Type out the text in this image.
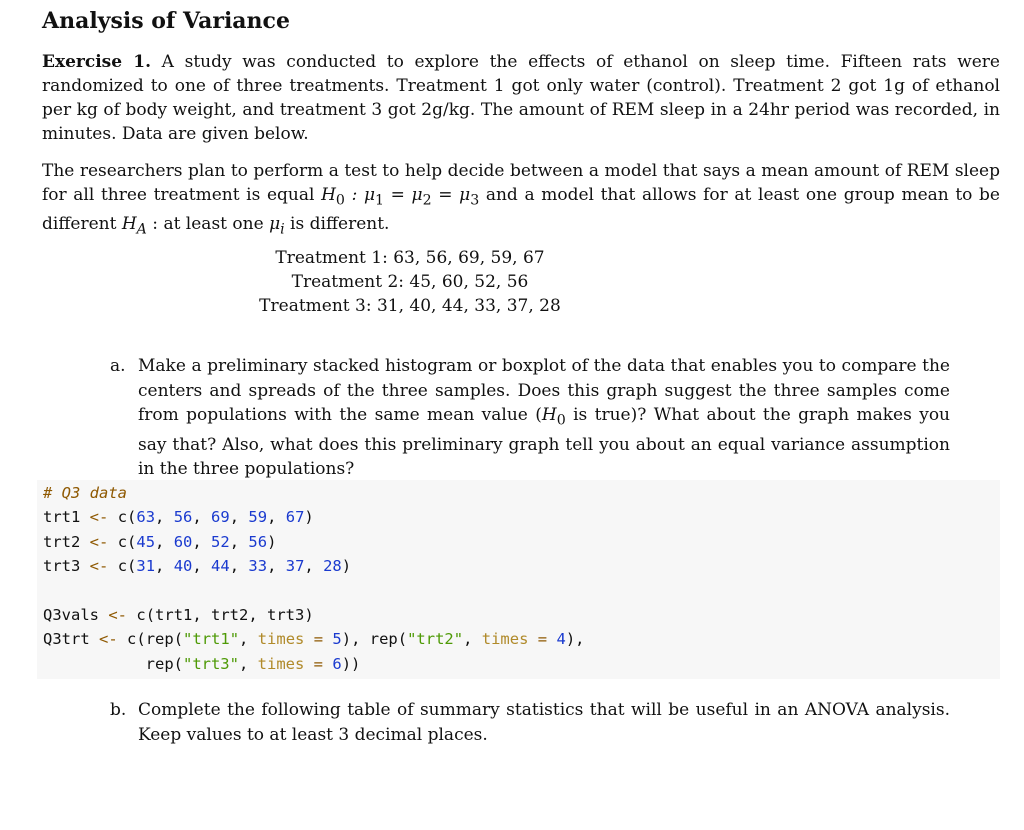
Analysis of Variance
Exercise 1. A study was conducted to explore the effects of ethanol on sleep time. Fifteen rats were randomized to one of three treatments. Treatment 1 got only water (control). Treatment 2 got 1g of ethanol per kg of body weight, and treatment 3 got 2g/kg. The amount of REM sleep in a 24hr period was recorded, in minutes. Data are given below.
The researchers plan to perform a test to help decide between a model that says a mean amount of REM sleep for all three treatment is equal $H_0$ : $\mu_1 = \mu_2 = \mu_3$ and a model that allows for at least one group mean to be different $H_A$ : at least one $\mu_i$ is different.
Treatment 1: 63, 56, 69, 59, 67
Treatment 2: 45, 60, 52, 56
Treatment 3: 31, 40, 44, 33, 37, 28
a. Make a preliminary stacked histogram or boxplot of the data that enables you to compare the centers and spreads of the three samples. Does this graph suggest the three samples come from populations with the same mean value ($H_0$ is true)? What about the graph makes you say that? Also, what does this preliminary graph tell you about an equal variance assumption in the three populations?
# Q3 data
trt1 <- c(63, 56, 69, 59, 67)
trt2 <- c(45, 60, 52, 56)
trt3 <- c(31, 40, 44, 33, 37, 28)

Q3vals <- c(trt1, trt2, trt3)
Q3trt <- c(rep("trt1", times = 5), rep("trt2", times = 4),
rep("trt3", times = 6))
b. Complete the following table of summary statistics that will be useful in an ANOVA analysis. Keep values to at least 3 decimal places.
